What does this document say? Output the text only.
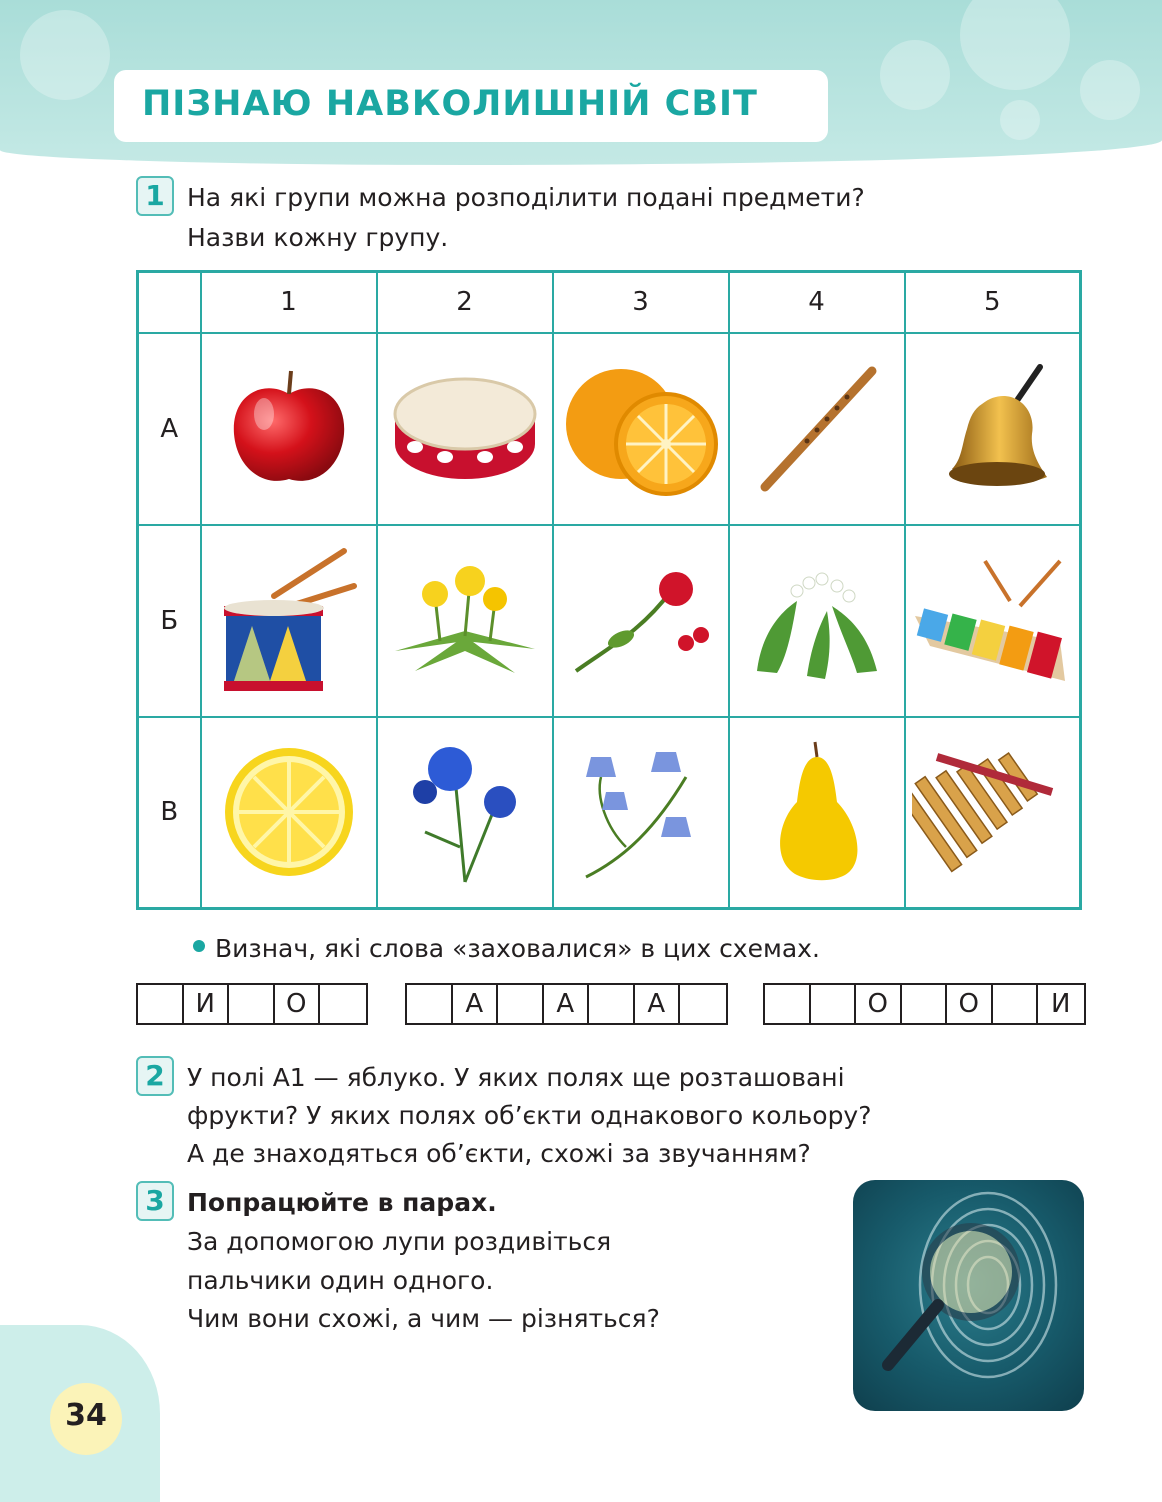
ПІЗНАЮ НАВКОЛИШНІЙ СВІТ
1 На які групи можна розподілити подані предмети?
Назви кожну групу.
	1	2	3	4	5
А	

Б	

В	

Визнач, які слова «заховалися» в цих схемах.
И	О	А	А	А	О	О	И
2 У полі А1 — яблуко. У яких полях ще розташовані
фрукти? У яких полях об’єкти однакового кольору?
А де знаходяться об’єкти, схожі за звучанням?
3 Попрацюйте в парах.
За допомогою лупи роздивіться
пальчики один одного.
Чим вони схожі, а чим — різняться?
34
